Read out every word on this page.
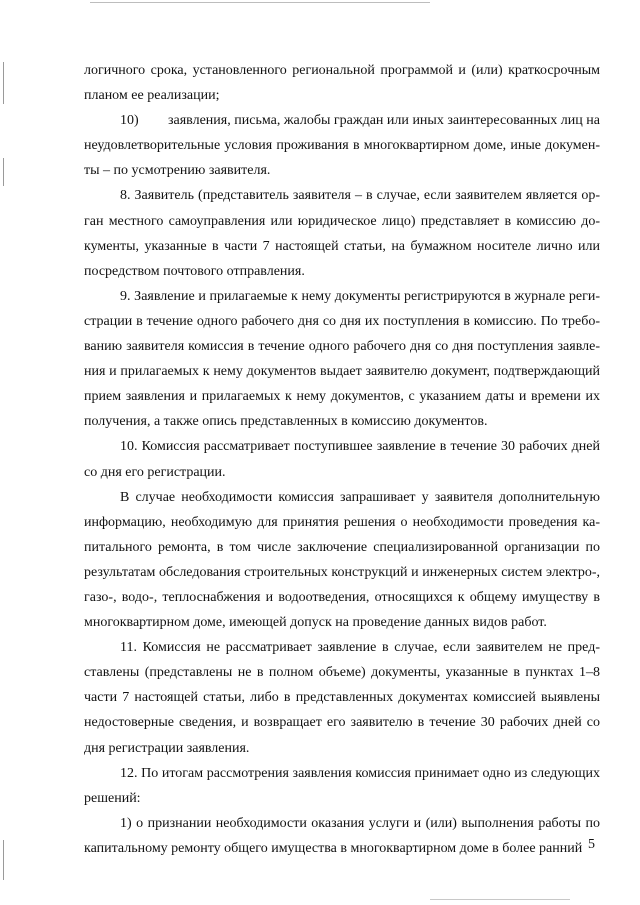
логичного срока, установленного региональной программой и (или) краткосрочным планом ее реализации;

10) заявления, письма, жалобы граждан или иных заинтересованных лиц на неудовлетворительные условия проживания в многоквартирном доме, иные документы – по усмотрению заявителя.

8. Заявитель (представитель заявителя – в случае, если заявителем является орган местного самоуправления или юридическое лицо) представляет в комиссию документы, указанные в части 7 настоящей статьи, на бумажном носителе лично или посредством почтового отправления.

9. Заявление и прилагаемые к нему документы регистрируются в журнале регистрации в течение одного рабочего дня со дня их поступления в комиссию. По требованию заявителя комиссия в течение одного рабочего дня со дня поступления заявления и прилагаемых к нему документов выдает заявителю документ, подтверждающий прием заявления и прилагаемых к нему документов, с указанием даты и времени их получения, а также опись представленных в комиссию документов.

10. Комиссия рассматривает поступившее заявление в течение 30 рабочих дней со дня его регистрации.

В случае необходимости комиссия запрашивает у заявителя дополнительную информацию, необходимую для принятия решения о необходимости проведения капитального ремонта, в том числе заключение специализированной организации по результатам обследования строительных конструкций и инженерных систем электро-, газо-, водо-, теплоснабжения и водоотведения, относящихся к общему имуществу в многоквартирном доме, имеющей допуск на проведение данных видов работ.

11. Комиссия не рассматривает заявление в случае, если заявителем не представлены (представлены не в полном объеме) документы, указанные в пунктах 1–8 части 7 настоящей статьи, либо в представленных документах комиссией выявлены недостоверные сведения, и возвращает его заявителю в течение 30 рабочих дней со дня регистрации заявления.

12. По итогам рассмотрения заявления комиссия принимает одно из следующих решений:

1) о признании необходимости оказания услуги и (или) выполнения работы по капитальному ремонту общего имущества в многоквартирном доме в более ранний 5
